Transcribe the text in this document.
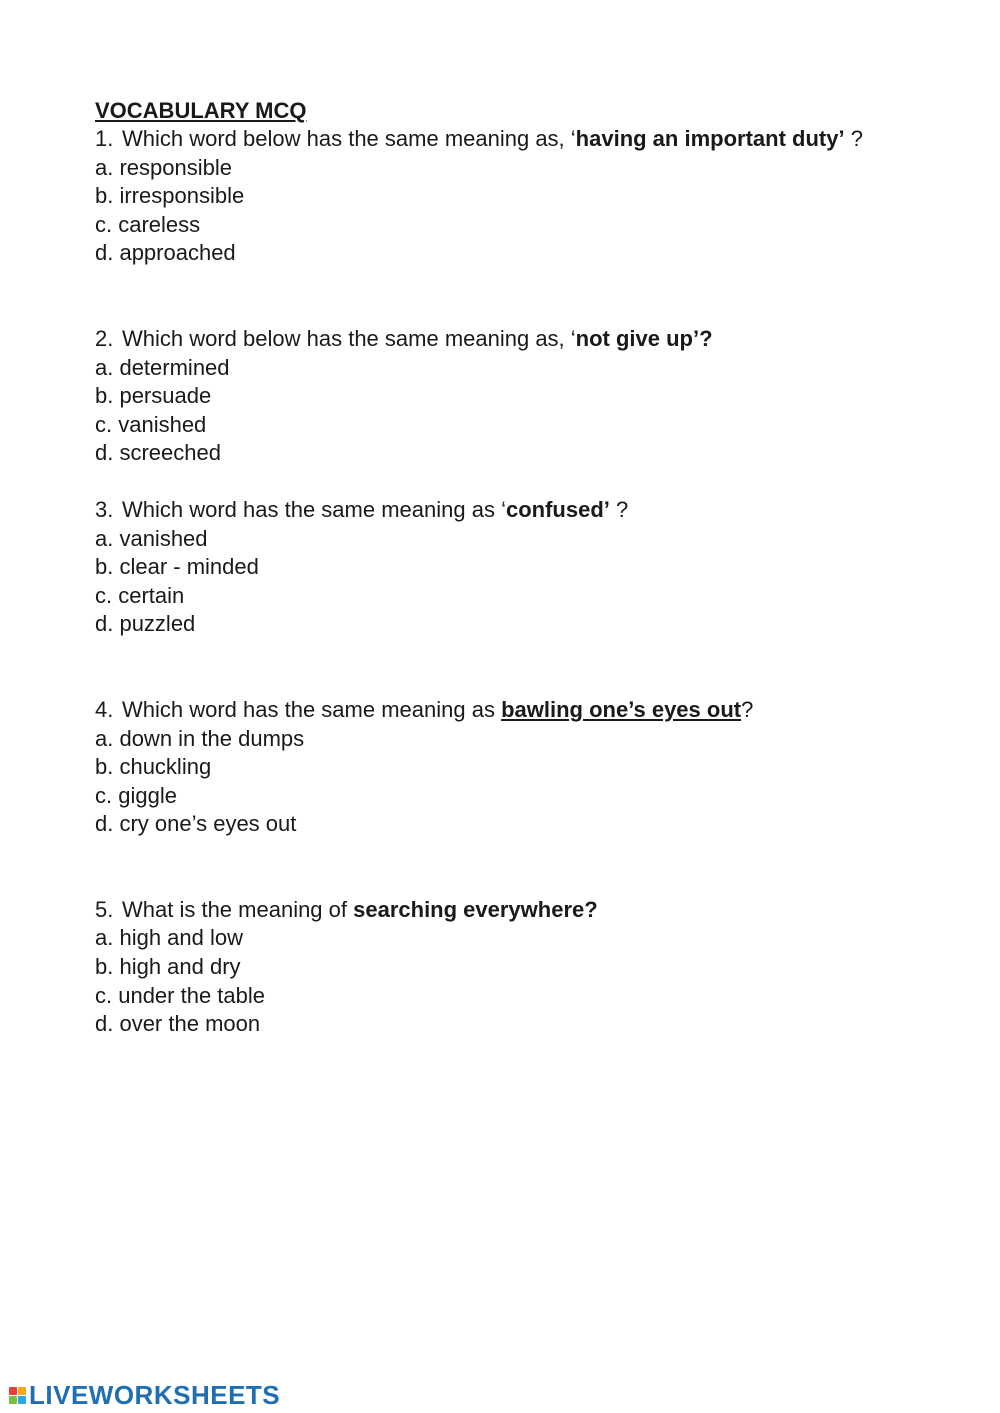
VOCABULARY MCQ

1. Which word below has the same meaning as, ‘having an important duty’ ?

a. responsible

b. irresponsible

c. careless

d. approached

2. Which word below has the same meaning as, ‘not give up’?

a. determined

b. persuade

c. vanished

d. screeched

3. Which word has the same meaning as ‘confused’ ?

a. vanished

b. clear - minded

c. certain

d. puzzled

4. Which word has the same meaning as bawling one’s eyes out?

a. down in the dumps

b. chuckling

c. giggle

d. cry one’s eyes out

5. What is the meaning of searching everywhere?

a. high and low

b. high and dry

c. under the table

d. over the moon

LIVEWORKSHEETS
